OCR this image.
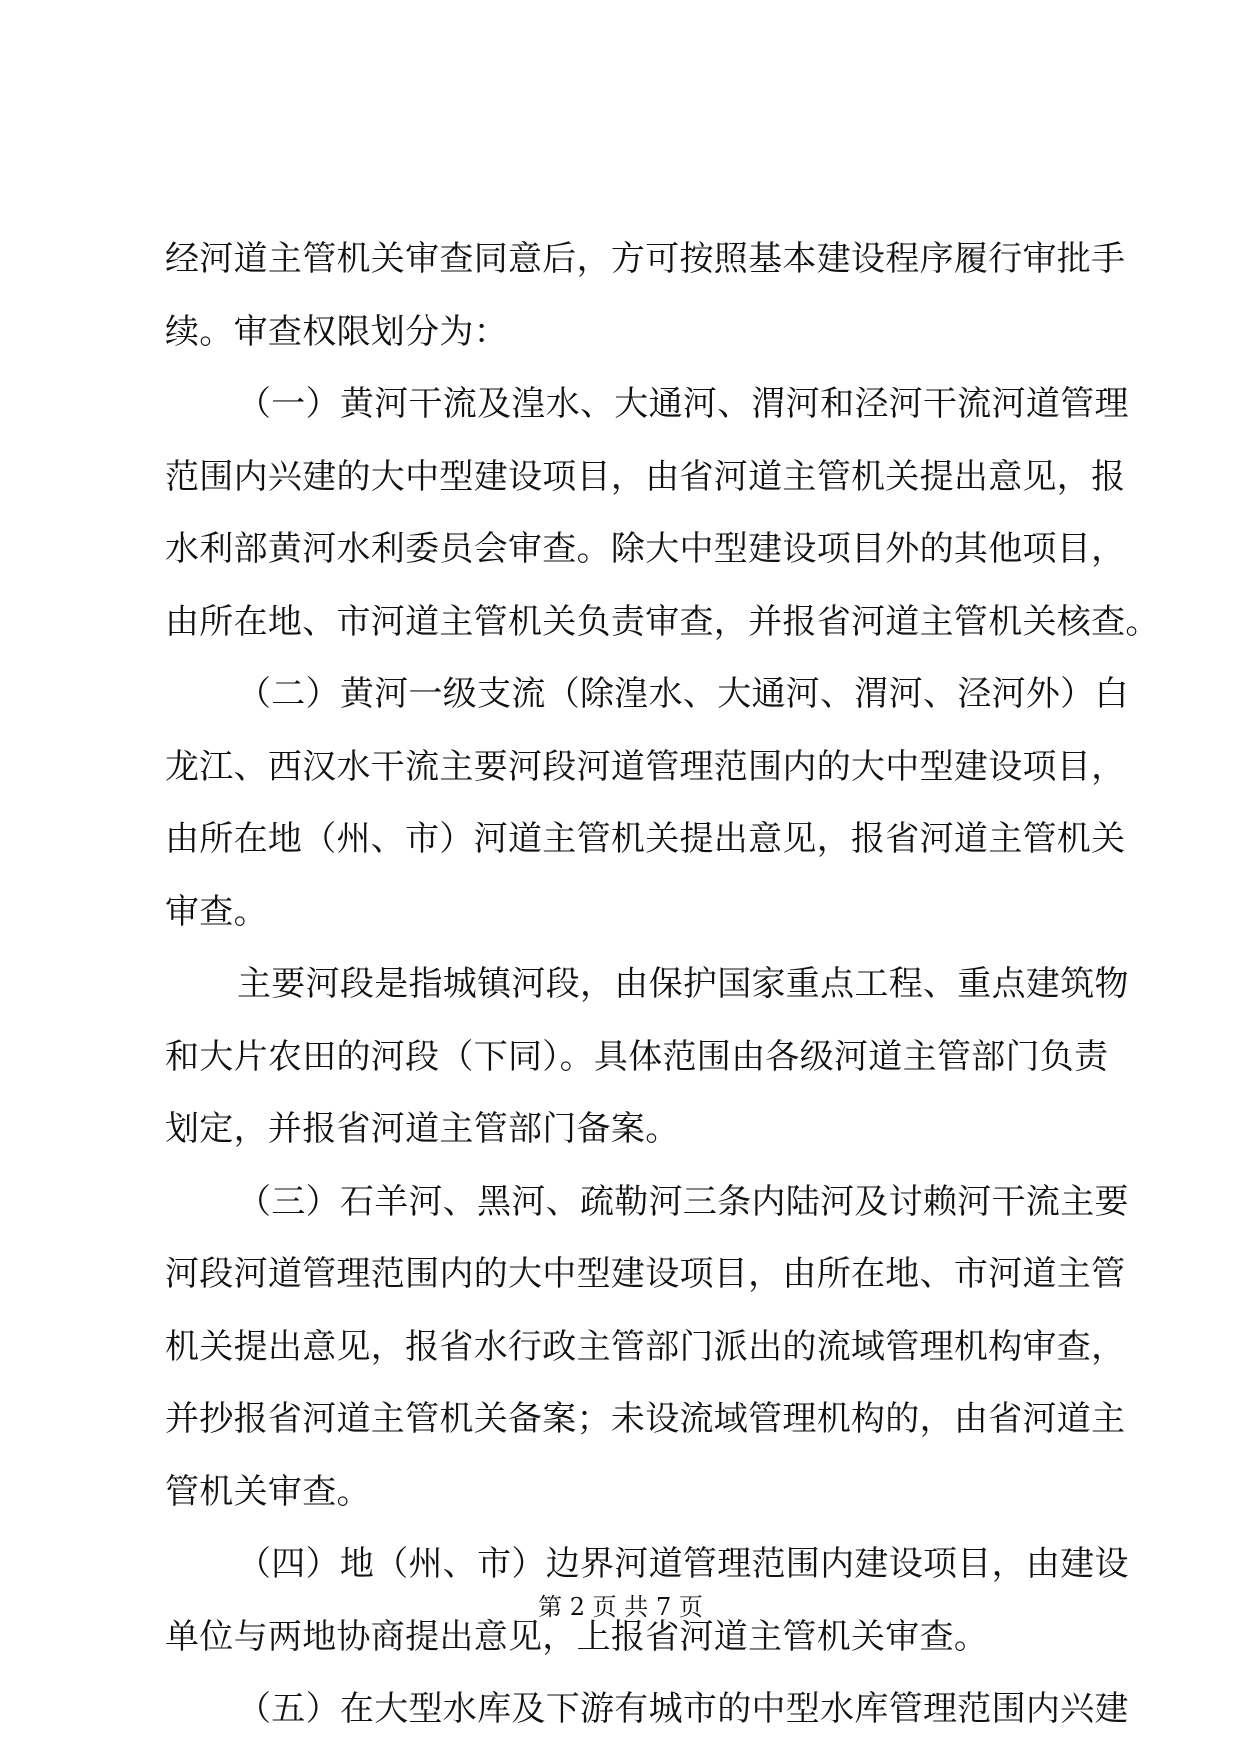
经河道主管机关审查同意后，方可按照基本建设程序履行审批手
续。审查权限划分为：
（一）黄河干流及湟水、大通河、渭河和泾河干流河道管理
范围内兴建的大中型建设项目，由省河道主管机关提出意见，报
水利部黄河水利委员会审查。除大中型建设项目外的其他项目，
由所在地、市河道主管机关负责审查，并报省河道主管机关核查。
（二）黄河一级支流（除湟水、大通河、渭河、泾河外）白
龙江、西汉水干流主要河段河道管理范围内的大中型建设项目，
由所在地（州、市）河道主管机关提出意见，报省河道主管机关
审查。
主要河段是指城镇河段，由保护国家重点工程、重点建筑物
和大片农田的河段（下同）。具体范围由各级河道主管部门负责
划定，并报省河道主管部门备案。
（三）石羊河、黑河、疏勒河三条内陆河及讨赖河干流主要
河段河道管理范围内的大中型建设项目，由所在地、市河道主管
机关提出意见，报省水行政主管部门派出的流域管理机构审查，
并抄报省河道主管机关备案；未设流域管理机构的，由省河道主
管机关审查。
（四）地（州、市）边界河道管理范围内建设项目，由建设
单位与两地协商提出意见，上报省河道主管机关审查。
（五）在大型水库及下游有城市的中型水库管理范围内兴建
第 2 页 共 7 页
